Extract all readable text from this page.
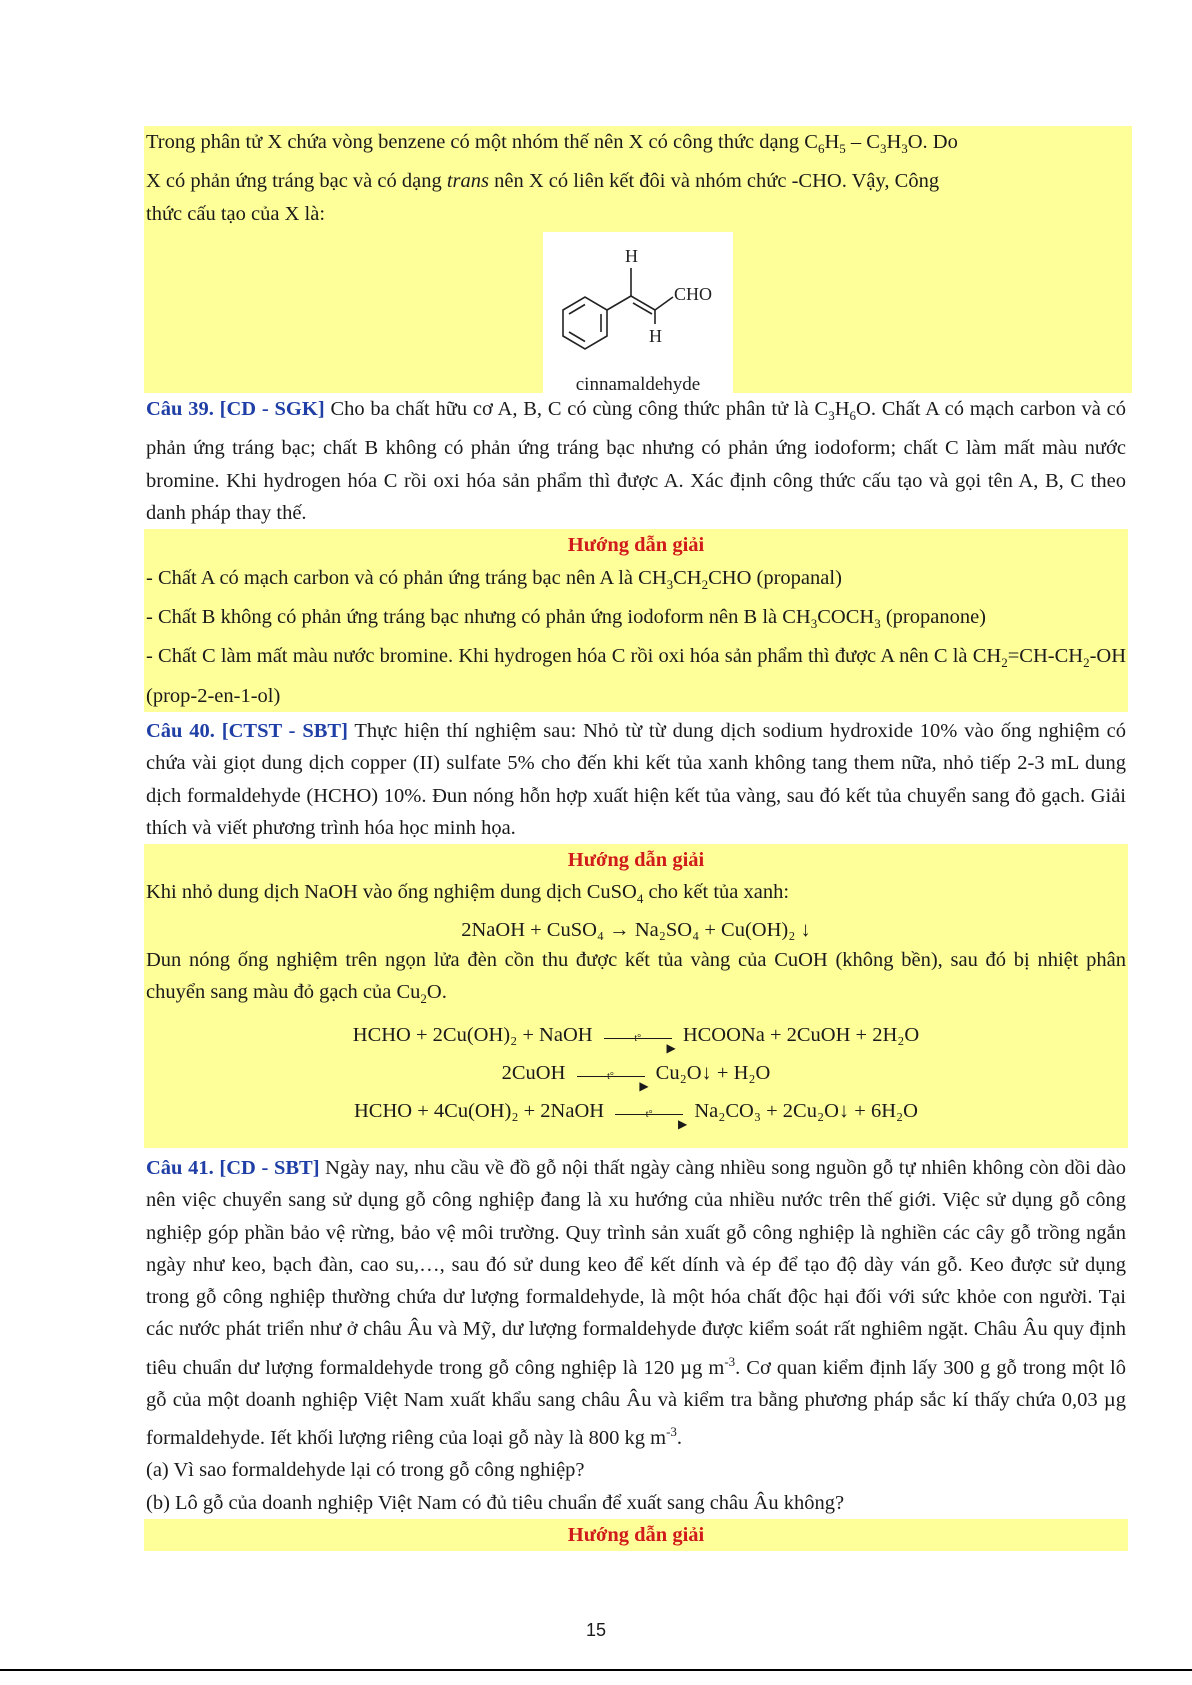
Trong phân tử X chứa vòng benzene có một nhóm thế nên X có công thức dạng $C_6H_5 - C_3H_3O$. Do
X có phản ứng tráng bạc và có dạng trans nên X có liên kết đôi và nhóm chức -CHO. Vậy, Công
thức cấu tạo của X là:

H
CHO
H
cinnamaldehyde

Câu 39. [CD - SGK] Cho ba chất hữu cơ A, B, C có cùng công thức phân tử là $C_3H_6O$. Chất A có mạch carbon và có phản ứng tráng bạc; chất B không có phản ứng tráng bạc nhưng có phản ứng iodoform; chất C làm mất màu nước bromine. Khi hydrogen hóa C rồi oxi hóa sản phẩm thì được A. Xác định công thức cấu tạo và gọi tên A, B, C theo danh pháp thay thế.

Hướng dẫn giải

- Chất A có mạch carbon và có phản ứng tráng bạc nên A là $CH_3CH_2CHO$ (propanal)

- Chất B không có phản ứng tráng bạc nhưng có phản ứng iodoform nên B là $CH_3COCH_3$ (propanone)

- Chất C làm mất màu nước bromine. Khi hydrogen hóa C rồi oxi hóa sản phẩm thì được A nên C là $CH_2=CH-CH_2-OH$ (prop-2-en-1-ol)

Câu 40. [CTST - SBT] Thực hiện thí nghiệm sau: Nhỏ từ từ dung dịch sodium hydroxide 10% vào ống nghiệm có chứa vài giọt dung dịch copper (II) sulfate 5% cho đến khi kết tủa xanh không tang them nữa, nhỏ tiếp 2-3 mL dung dịch formaldehyde (HCHO) 10%. Đun nóng hỗn hợp xuất hiện kết tủa vàng, sau đó kết tủa chuyển sang đỏ gạch. Giải thích và viết phương trình hóa học minh họa.

Hướng dẫn giải

Khi nhỏ dung dịch NaOH vào ống nghiệm dung dịch CuSO$_4$ cho kết tủa xanh:

2NaOH + CuSO₄ → Na₂SO₄ + Cu(OH)₂ ↓

Dun nóng ống nghiệm trên ngọn lửa đèn cồn thu được kết tủa vàng của CuOH (không bền), sau đó bị nhiệt phân chuyển sang màu đỏ gạch của $Cu_2O$.

HCHO + 2Cu(OH)₂ + NaOH	t°
▶
HCOONa + 2CuOH + 2H₂O
2CuOH	t°
▶
Cu₂O↓ + H₂O
HCHO + 4Cu(OH)₂ + 2NaOH	t°
▶
Na₂CO₃ + 2Cu₂O↓ + 6H₂O

Câu 41. [CD - SBT] Ngày nay, nhu cầu về đồ gỗ nội thất ngày càng nhiều song nguồn gỗ tự nhiên không còn dồi dào nên việc chuyển sang sử dụng gỗ công nghiệp đang là xu hướng của nhiều nước trên thế giới. Việc sử dụng gỗ công nghiệp góp phần bảo vệ rừng, bảo vệ môi trường. Quy trình sản xuất gỗ công nghiệp là nghiền các cây gỗ trồng ngắn ngày như keo, bạch đàn, cao su,…, sau đó sử dung keo để kết dính và ép để tạo độ dày ván gỗ. Keo được sử dụng trong gỗ công nghiệp thường chứa dư lượng formaldehyde, là một hóa chất độc hại đối với sức khỏe con người. Tại các nước phát triển như ở châu Âu và Mỹ, dư lượng formaldehyde được kiểm soát rất nghiêm ngặt. Châu Âu quy định tiêu chuẩn dư lượng formaldehyde trong gỗ công nghiệp là 120 µg $m^{-3}$. Cơ quan kiểm định lấy 300 g gỗ trong một lô gỗ của một doanh nghiệp Việt Nam xuất khẩu sang châu Âu và kiểm tra bằng phương pháp sắc kí thấy chứa 0,03 µg formaldehyde. Iết khối lượng riêng của loại gỗ này là 800 kg $m^{-3}$.

(a) Vì sao formaldehyde lại có trong gỗ công nghiệp?

(b) Lô gỗ của doanh nghiệp Việt Nam có đủ tiêu chuẩn để xuất sang châu Âu không?

Hướng dẫn giải
15
